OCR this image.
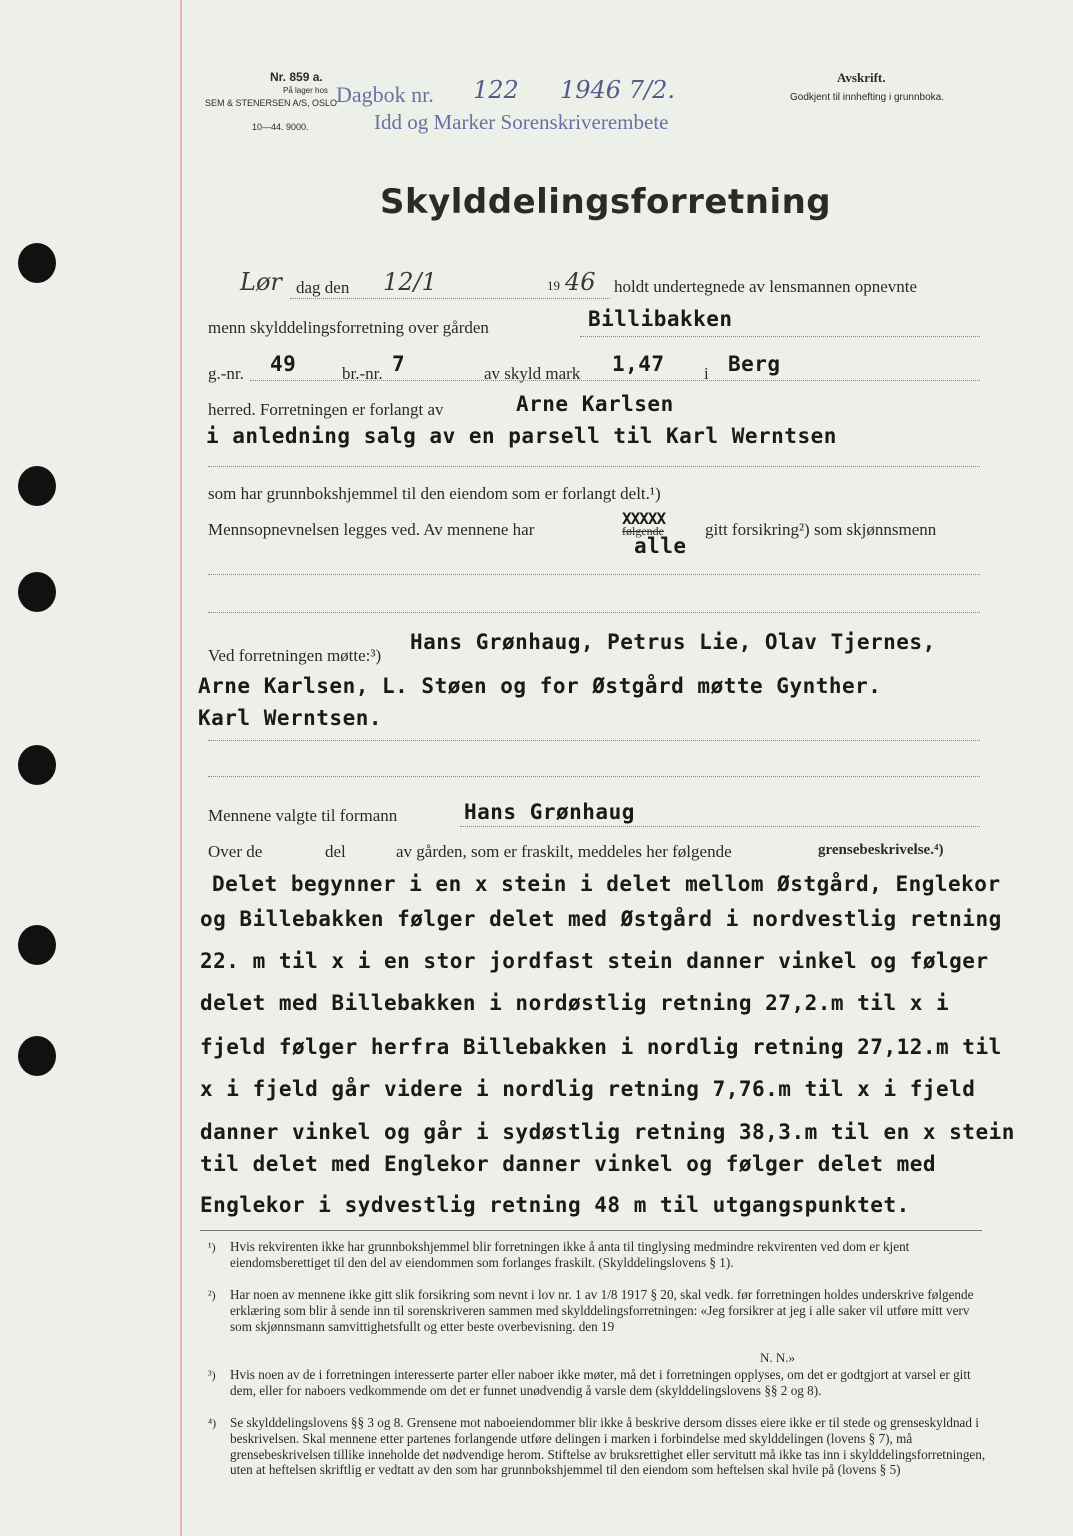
Nr. 859 a.
På lager hos
SEM & STENERSEN A/S, OSLO
10—44. 9000.
Dagbok nr. 122 1946 7/2.
Idd og Marker Sorenskriverembete
Avskrift.
Godkjent til innhefting i grunnboka.
Skylddelingsforretning
Lør dag den 12/1	19 46 holdt undertegnede av lensmannen opnevnte
menn skylddelingsforretning over gården	Billibakken
g.-nr. 49	br.-nr. 7	av skyld mark 1,47 i Berg
herred. Forretningen er forlangt av	Arne Karlsen
i anledning salg av en parsell til Karl Werntsen
som har grunnbokshjemmel til den eiendom som er forlangt delt.¹)
Mennsopnevnelsen legges ved. Av mennene har
XXXXX
følgende gitt forsikring²) som skjønnsmenn
alle
Ved forretningen møtte:³)
Hans Grønhaug, Petrus Lie, Olav Tjernes,
Arne Karlsen, L. Støen og for Østgård møtte Gynther.
Karl Werntsen.
Mennene valgte til formann	Hans Grønhaug
Over de	del	av gården, som er fraskilt, meddeles her følgende	grensebeskrivelse.⁴)
Delet begynner i en x stein i delet mellom Østgård, Englekor
og Billebakken følger delet med Østgård i nordvestlig retning
22. m til x i en stor jordfast stein danner vinkel og følger
delet med Billebakken i nordøstlig retning 27,2.m til x i
fjeld følger herfra Billebakken i nordlig retning 27,12.m til
x i fjeld går videre i nordlig retning 7,76.m til x i fjeld
danner vinkel og går i sydøstlig retning 38,3.m til en x stein
til delet med Englekor danner vinkel og følger delet med
Englekor i sydvestlig retning 48 m til utgangspunktet.
¹) Hvis rekvirenten ikke har grunnbokshjemmel blir forretningen ikke å anta til tinglysing medmindre rekvirenten ved dom er kjent eiendomsberettiget til den del av eiendommen som forlanges fraskilt. (Skylddelingslovens § 1).
²) Har noen av mennene ikke gitt slik forsikring som nevnt i lov nr. 1 av 1/8 1917 § 20, skal vedk. før forretningen holdes underskrive følgende erklæring som blir å sende inn til sorenskriveren sammen med skylddelingsforretningen: «Jeg forsikrer at jeg i alle saker vil utføre mitt verv som skjønnsmann samvittighetsfullt og etter beste overbevisning. den 19
N. N.»
³) Hvis noen av de i forretningen interesserte parter eller naboer ikke møter, må det i forretningen opplyses, om det er godtgjort at varsel er gitt dem, eller for naboers vedkommende om det er funnet unødvendig å varsle dem (skylddelingslovens §§ 2 og 8).
⁴) Se skylddelingslovens §§ 3 og 8. Grensene mot naboeiendommer blir ikke å beskrive dersom disses eiere ikke er til stede og grenseskyldnad i beskrivelsen. Skal mennene etter partenes forlangende utføre delingen i marken i forbindelse med skylddelingen (lovens § 7), må grensebeskrivelsen tillike inneholde det nødvendige herom. Stiftelse av bruksrettighet eller servitutt må ikke tas inn i skylddelingsforretningen, uten at heftelsen skriftlig er vedtatt av den som har grunnbokshjemmel til den eiendom som heftelsen skal hvile på (lovens § 5)
